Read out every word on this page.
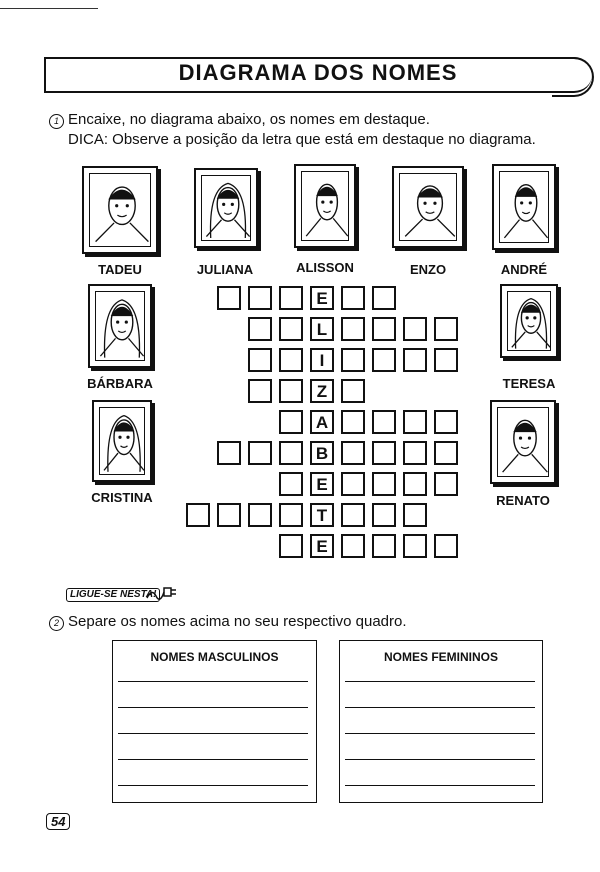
DIAGRAMA DOS NOMES
1 Encaixe, no diagrama abaixo, os nomes em destaque.
DICA: Observe a posição da letra que está em destaque no diagrama.
TADEU	JULIANA	ALISSON	ENZO	ANDRÉ
BÁRBARA	TERESA
CRISTINA	RENATO
E
L
I
Z
A
B
E
T
E
LIGUE-SE NESTA!
2 Separe os nomes acima no seu respectivo quadro.
NOMES MASCULINOS	NOMES FEMININOS
54
